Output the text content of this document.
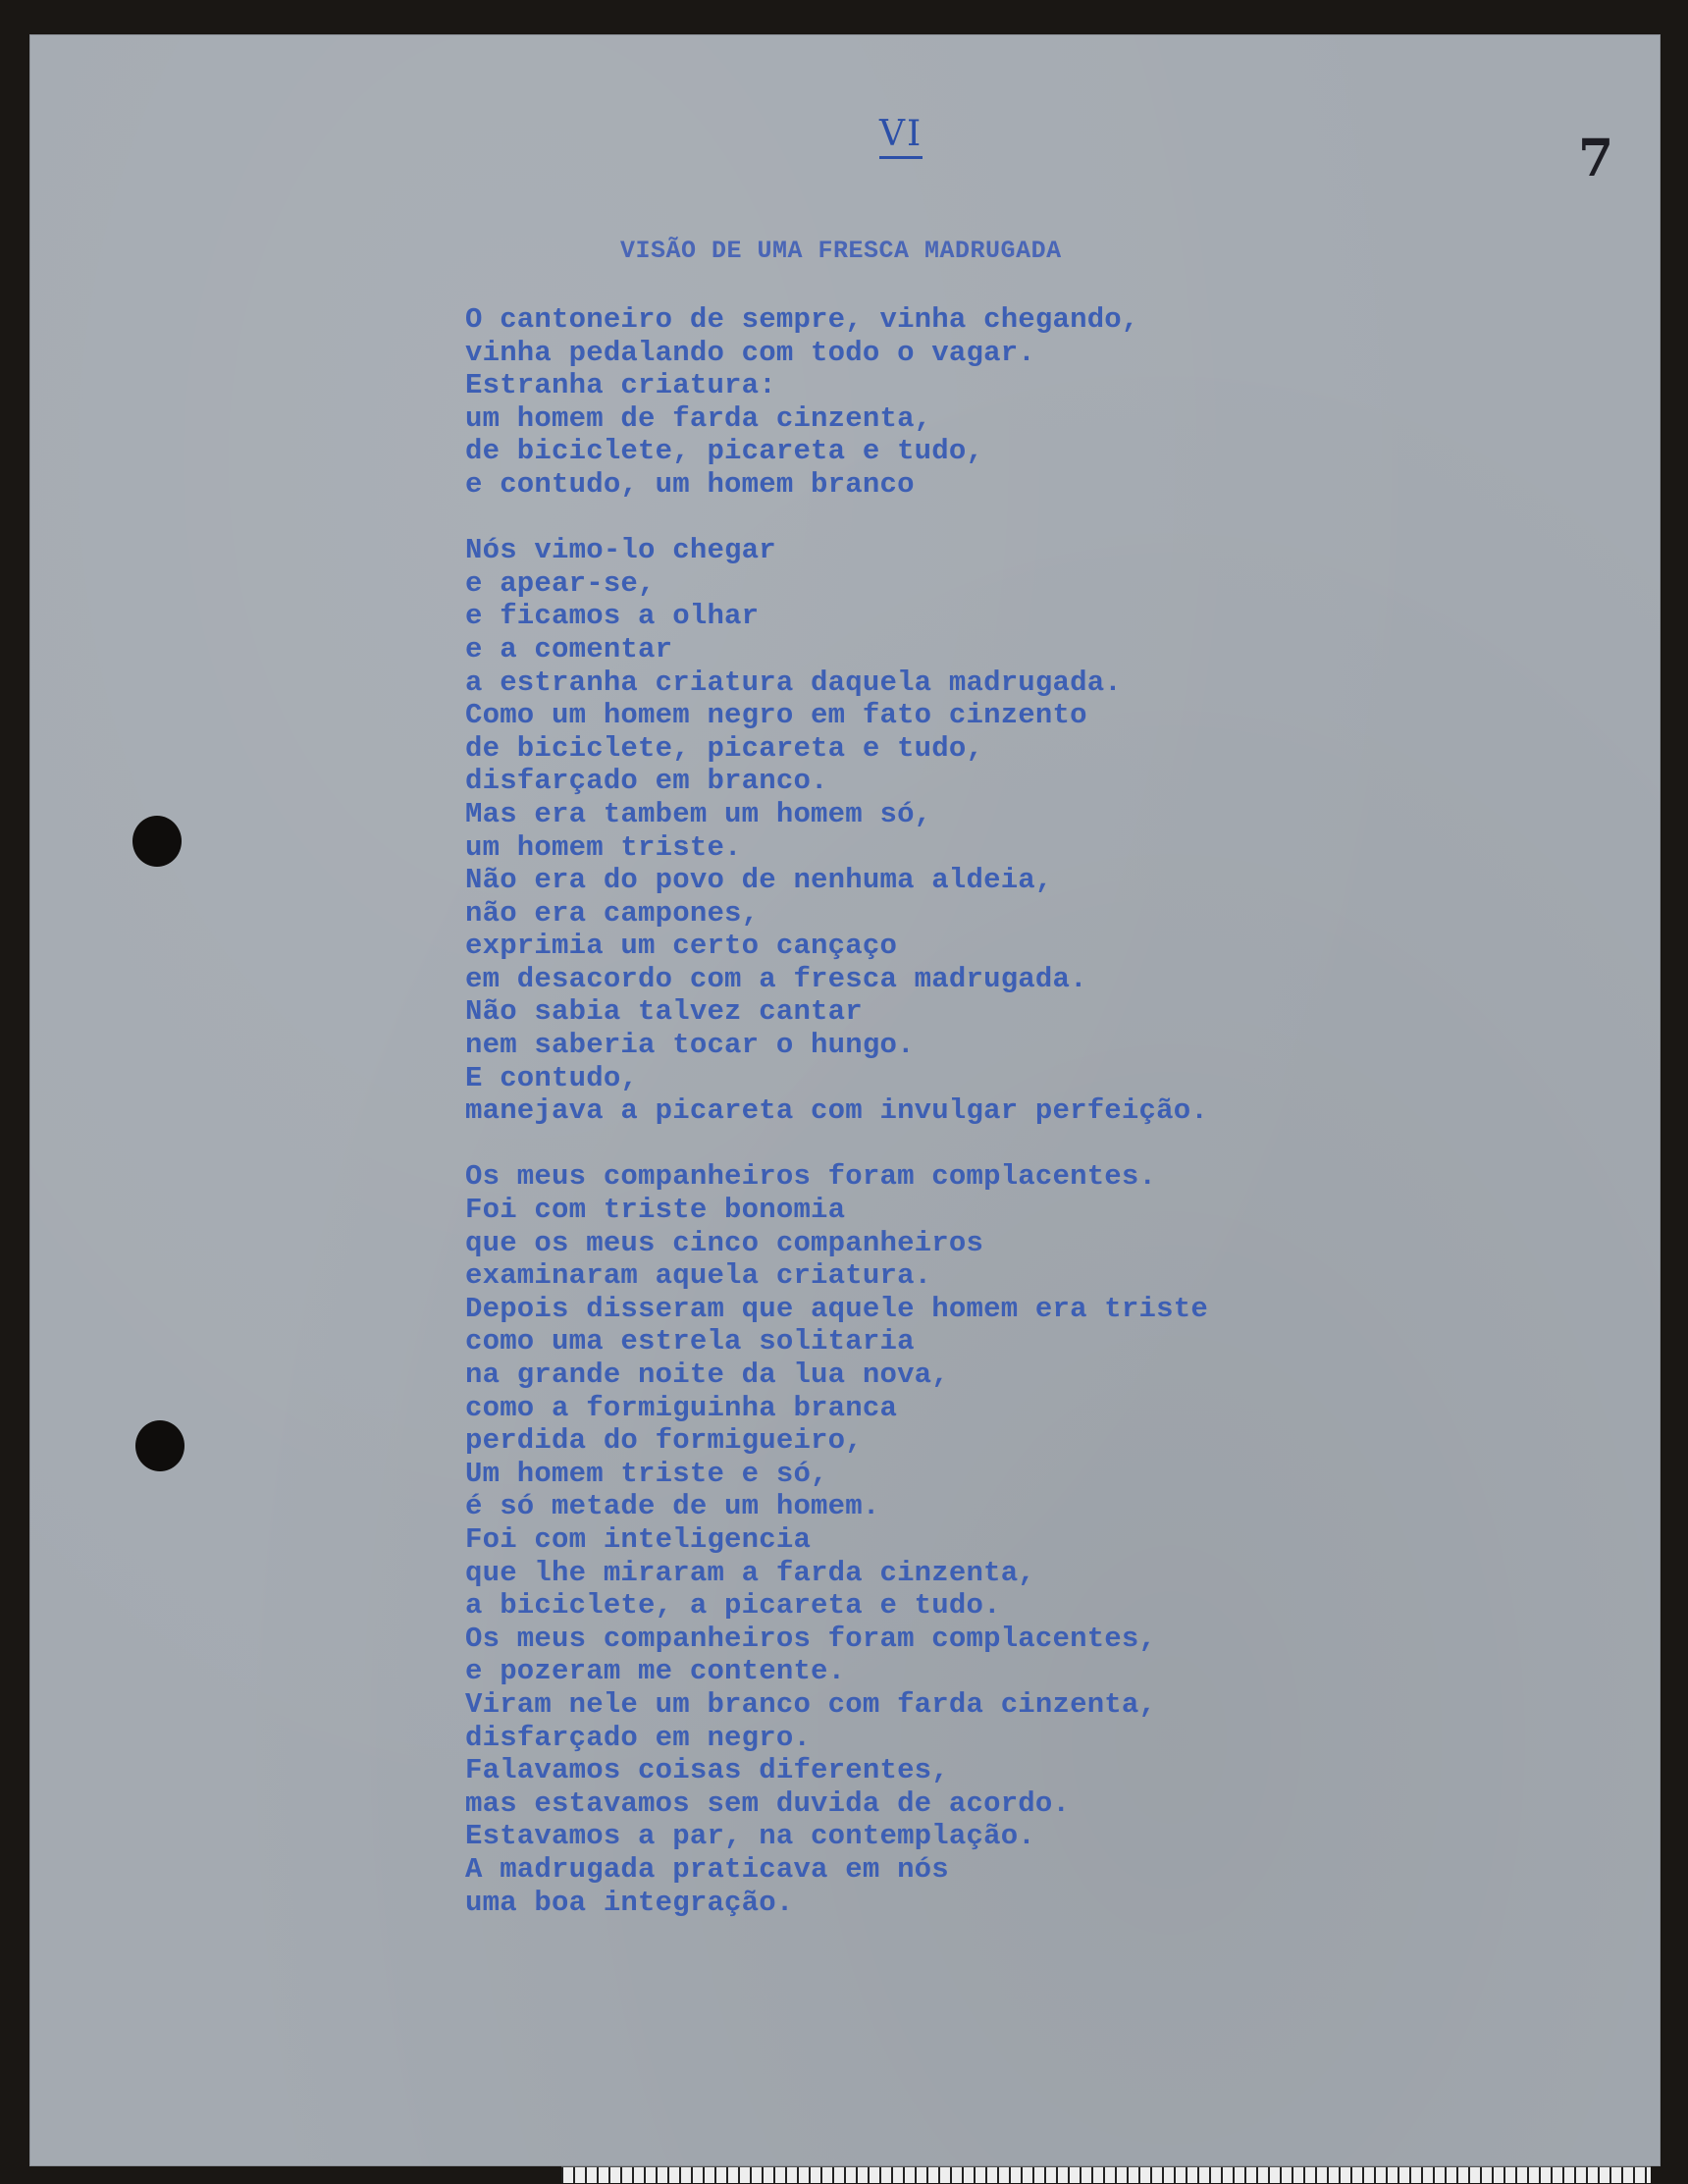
VI	7
VISÃO DE UMA FRESCA MADRUGADA
O cantoneiro de sempre, vinha chegando,
vinha pedalando com todo o vagar.
Estranha criatura:
um homem de farda cinzenta,
de biciclete, picareta e tudo,
e contudo, um homem branco
Nós vimo-lo chegar
e apear-se,
e ficamos a olhar
e a comentar
a estranha criatura daquela madrugada.
Como um homem negro em fato cinzento
de biciclete, picareta e tudo,
disfarçado em branco.
Mas era tambem um homem só,
um homem triste.
Não era do povo de nenhuma aldeia,
não era campones,
exprimia um certo cançaço
em desacordo com a fresca madrugada.
Não sabia talvez cantar
nem saberia tocar o hungo.
E contudo,
manejava a picareta com invulgar perfeição.
Os meus companheiros foram complacentes.
Foi com triste bonomia
que os meus cinco companheiros
examinaram aquela criatura.
Depois disseram que aquele homem era triste
como uma estrela solitaria
na grande noite da lua nova,
como a formiguinha branca
perdida do formigueiro,
Um homem triste e só,
é só metade de um homem.
Foi com inteligencia
que lhe miraram a farda cinzenta,
a biciclete, a picareta e tudo.
Os meus companheiros foram complacentes,
e pozeram me contente.
Viram nele um branco com farda cinzenta,
disfarçado em negro.
Falavamos coisas diferentes,
mas estavamos sem duvida de acordo.
Estavamos a par, na contemplação.
A madrugada praticava em nós
uma boa integração.
